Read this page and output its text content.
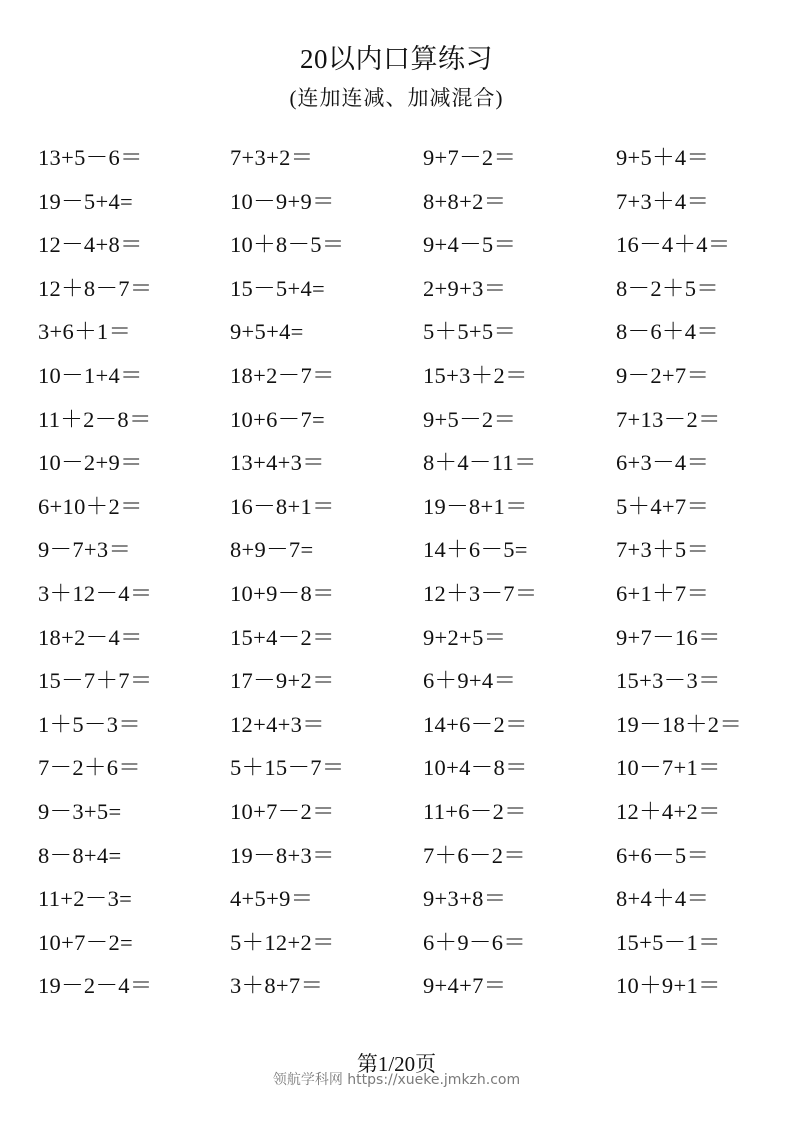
20以内口算练习
(连加连减、加减混合)
13+5－6＝	7+3+2＝	9+7－2＝	9+5＋4＝
19－5+4=	10－9+9＝	8+8+2＝	7+3＋4＝
12－4+8＝	10＋8－5＝	9+4－5＝	16－4＋4＝
12＋8－7＝	15－5+4=	2+9+3＝	8－2＋5＝
3+6＋1＝	9+5+4=	5＋5+5＝	8－6＋4＝
10－1+4＝	18+2－7＝	15+3＋2＝	9－2+7＝
11＋2－8＝	10+6－7=	9+5－2＝	7+13－2＝
10－2+9＝	13+4+3＝	8＋4－11＝	6+3－4＝
6+10＋2＝	16－8+1＝	19－8+1＝	5＋4+7＝
9－7+3＝	8+9－7=	14＋6－5=	7+3＋5＝
3＋12－4＝	10+9－8＝	12＋3－7＝	6+1＋7＝
18+2－4＝	15+4－2＝	9+2+5＝	9+7－16＝
15－7＋7＝	17－9+2＝	6＋9+4＝	15+3－3＝
1＋5－3＝	12+4+3＝	14+6－2＝	19－18＋2＝
7－2＋6＝	5＋15－7＝	10+4－8＝	10－7+1＝
9－3+5=	10+7－2＝	11+6－2＝	12＋4+2＝
8－8+4=	19－8+3＝	7＋6－2＝	6+6－5＝
11+2－3=	4+5+9＝	9+3+8＝	8+4＋4＝
10+7－2=	5＋12+2＝	6＋9－6＝	15+5－1＝
19－2－4＝	3＋8+7＝	9+4+7＝	10＋9+1＝
第1/20页
领航学科网 https://xueke.jmkzh.com
